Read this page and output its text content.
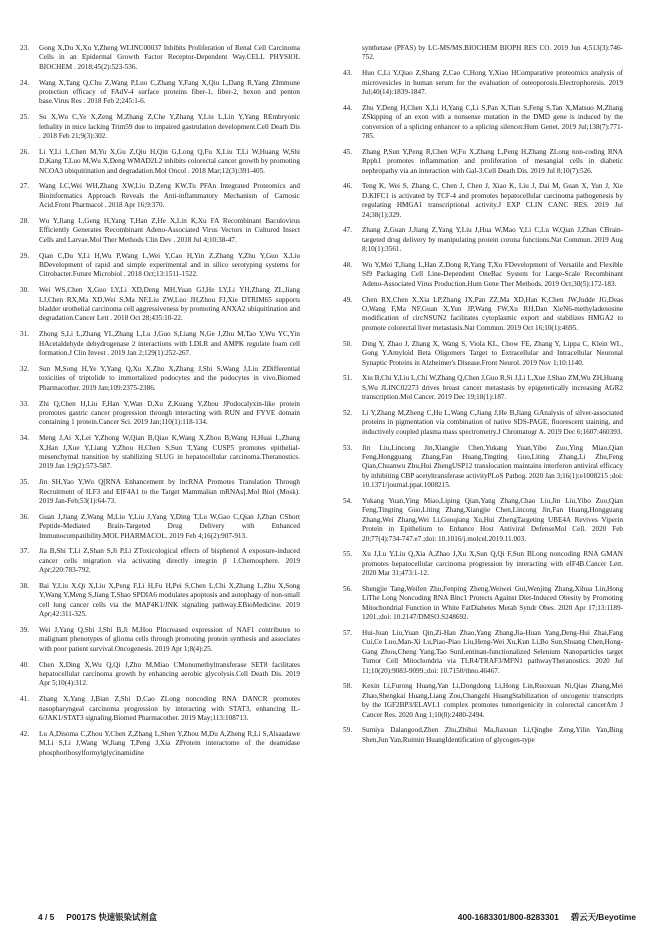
23.	Gong X,Du X,Xu Y,Zheng WLINC00037 Inhibits Proliferation of Renal Cell Carcinoma Cells in an Epidermal Growth Factor Receptor-Dependent Way.CELL PHYSIOL BIOCHEM . 2018;45(2):523-536.
24.	Wang X,Tang Q,Chu Z,Wang P,Luo C,Zhang Y,Fang X,Qiu L,Dang R,Yang ZImmune protection efficacy of FAdV-4 surface proteins fiber-1, fiber-2, hexon and penton base.Virus Res . 2018 Feb 2;245:1-6.
25.	Su X,Wu C,Ye X,Zeng M,Zhang Z,Che Y,Zhang Y,Liu L,Lin Y,Yang REmbryonic lethality in mice lacking Trim59 due to impaired gastrulation development.Cell Death Dis . 2018 Feb 21;9(3):302.
26.	Li Y,Li L,Chen M,Yu X,Gu Z,Qiu H,Qin G,Long Q,Fu X,Liu T,Li W,Huang W,Shi D,Kang T,Luo M,Wu X,Deng WMAD2L2 inhibits colorectal cancer growth by promoting NCOA3 ubiquitination and degradation.Mol Oncol . 2018 Mar;12(3):391-405.
27.	Wang LC,Wei WH,Zhang XW,Liu D,Zeng KW,Tu PFAn Integrated Proteomics and Bioinformatics Approach Reveals the Anti-inflammatory Mechanism of Carnosic Acid.Front Pharmacol . 2018 Apr 16;9:370.
28.	Wu Y,Jiang L,Geng H,Yang T,Han Z,He X,Lin K,Xu FA Recombinant Baculovirus Efficiently Generates Recombinant Adeno-Associated Virus Vectors in Cultured Insect Cells and Larvae.Mol Ther Methods Clin Dev . 2018 Jul 4;10:38-47.
29.	Qian C,Du Y,Li H,Wu P,Wang L,Wei Y,Cao H,Yin Z,Zhang Y,Zhu Y,Guo X,Liu BDevelopment of rapid and simple experimental and in silico serotyping systems for Citrobacter.Future Microbiol . 2018 Oct;13:1511-1522.
30.	Wei WS,Chen X,Guo LY,Li XD,Deng MH,Yuan GJ,He LY,Li YH,Zhang ZL,Jiang LJ,Chen RX,Ma XD,Wei S,Ma NF,Liu ZW,Luo JH,Zhou FJ,Xie DTRIM65 supports bladder urothelial carcinoma cell aggressiveness by promoting ANXA2 ubiquitination and degradation.Cancer Lett . 2018 Oct 28;435:10-22.
31.	Zhong S,Li L,Zhang YL,Zhang L,Lu J,Guo S,Liang N,Ge J,Zhu M,Tao Y,Wu YC,Yin HAcetaldehyde dehydrogenase 2 interactions with LDLR and AMPK regulate foam cell formation.J Clin Invest . 2019 Jan 2;129(1):252-267.
32.	Sun M,Song H,Ye Y,Yang Q,Xu X,Zhu X,Zhang J,Shi S,Wang J,Liu ZDifferential toxicities of triptolide to immortalized podocytes and the podocytes in vivo.Biomed Pharmacother. 2019 Jan;109:2375-2386.
33.	Zhi Q,Chen H,Liu F,Han Y,Wan D,Xu Z,Kuang Y,Zhou JPodocalyxin-like protein promotes gastric cancer progression through interacting with RUN and FYVE domain containing 1 protein.Cancer Sci. 2019 Jan;110(1):118-134.
34.	Meng J,Ai X,Lei Y,Zhong W,Qian B,Qiao K,Wang X,Zhou B,Wang H,Huai L,Zhang X,Han J,Xue Y,Liang Y,Zhou H,Chen S,Sun T,Yang CUSP5 promotes epithelial-mesenchymal transition by stabilizing SLUG in hepatocellular carcinoma.Theranostics. 2019 Jan 1;9(2):573-587.
35.	Jin SH,Yao Y,Wu Q[RNA Enhancement by lncRNA Promotes Translation Through Recruitment of ILF3 and EIF4A1 to the Target Mammalian mRNAs].Mol Biol (Mosk). 2019 Jan-Feb;53(1):64-73.
36.	Guan J,Jiang Z,Wang M,Liu Y,Liu J,Yang Y,Ding T,Lu W,Gao C,Qian J,Zhan CShort Peptide-Mediated Brain-Targeted Drug Delivery with Enhanced Immunocompatibility.MOL PHARMACOL. 2019 Feb 4;16(2):907-913.
37.	Jia B,Shi T,Li Z,Shan S,Ji P,Li ZToxicological effects of bisphenol A exposure-induced cancer cells migration via activating directly integrin β 1.Chemosphere. 2019 Apr;220:783-792.
38.	Bai Y,Liu X,Qi X,Liu X,Peng F,Li H,Fu H,Pei S,Chen L,Chi X,Zhang L,Zhu X,Song Y,Wang Y,Meng S,Jiang T,Shao SPDIA6 modulates apoptosis and autophagy of non-small cell lung cancer cells via the MAP4K1/JNK signaling pathway.EBioMedicine. 2019 Apr;42:311-325.
39.	Wei J,Yang Q,Shi J,Shi B,Ji M,Hou PIncreased expression of NAF1 contributes to malignant phenotypes of glioma cells through promoting protein synthesis and associates with poor patient survival.Oncogenesis. 2019 Apr 1;8(4):25.
40.	Chen X,Ding X,Wu Q,Qi J,Zhu M,Miao CMonomethyltransferase SET8 facilitates hepatocellular carcinoma growth by enhancing aerobic glycolysis.Cell Death Dis. 2019 Apr 5;10(4):312.
41.	Zhang X,Yang J,Bian Z,Shi D,Cao ZLong noncoding RNA DANCR promotes nasopharyngeal carcinoma progression by interacting with STAT3, enhancing IL-6/JAK1/STAT3 signaling.Biomed Pharmacother. 2019 May;113:108713.
42.	Lu A,Disoma C,Zhou Y,Chen Z,Zhang L,Shen Y,Zhou M,Du A,Zheng R,Li S,Alsaadawe M,Li S,Li J,Wang W,Jiang T,Peng J,Xia ZProtein interactome of the deamidase phosphoribosylformylglycinamidine
synthetase (PFAS) by LC-MS/MS.BIOCHEM BIOPH RES CO. 2019 Jun 4;513(3):746-752.
43.	Huo C,Li Y,Qiao Z,Shang Z,Cao C,Hong Y,Xiao HComparative proteomics analysis of microvesicles in human serum for the evaluation of osteoporosis.Electrophoresis. 2019 Jul;40(14):1839-1847.
44.	Zhu Y,Deng H,Chen X,Li H,Yang C,Li S,Pan X,Tian S,Feng S,Tan X,Matsuo M,Zhang ZSkipping of an exon with a nonsense mutation in the DMD gene is induced by the conversion of a splicing enhancer to a splicing silencer.Hum Genet. 2019 Jul;138(7):771-785.
45.	Zhang P,Sun Y,Peng R,Chen W,Fu X,Zhang L,Peng H,Zhang ZLong non-coding RNA Rpph1 promotes inflammation and proliferation of mesangial cells in diabetic nephropathy via an interaction with Gal-3.Cell Death Dis. 2019 Jul 8;10(7):526.
46.	Teng K, Wei S, Zhang C, Chen J, Chen J, Xiao K, Liu J, Dai M, Guan X, Yun J, Xie D.KIFC1 is activated by TCF-4 and promotes hepatocellular carcinoma pathogenesis by regulating HMGA1 transcriptional activity.J EXP CLIN CANC RES. 2019 Jul 24;38(1):329.
47.	Zhang Z,Guan J,Jiang Z,Yang Y,Liu J,Hua W,Mao Y,Li C,Lu W,Qian J,Zhan CBrain-targeted drug delivery by manipulating protein corona functions.Nat Commun. 2019 Aug 8;10(1):3561.
48.	Wu Y,Mei T,Jiang L,Han Z,Dong R,Yang T,Xu FDevelopment of Versatile and Flexible Sf9 Packaging Cell Line-Dependent OneBac System for Large-Scale Recombinant Adeno-Associated Virus Production.Hum Gene Ther Methods. 2019 Oct;30(5):172-183.
49.	Chen RX,Chen X,Xia LP,Zhang JX,Pan ZZ,Ma XD,Han K,Chen JW,Judde JG,Deas O,Wang F,Ma NF,Guan X,Yun JP,Wang FW,Xu RH,Dan XieN6-methyladenosine modification of circNSUN2 facilitates cytoplasmic export and stabilizes HMGA2 to promote colorectal liver metastasis.Nat Commun. 2019 Oct 16;10(1):4695.
50.	Ding Y, Zhao J, Zhang X, Wang S, Viola KL, Chow FE, Zhang Y, Lippa C, Klein WL, Gong Y.Amyloid Beta Oligomers Target to Extracellular and Intracellular Neuronal Synaptic Proteins in Alzheimer's Disease.Front Neurol. 2019 Nov 1;10:1140.
51.	Xiu B,Chi Y,Liu L,Chi W,Zhang Q,Chen J,Guo R,Si J,Li L,Xue J,Shao ZM,Wu ZH,Huang S,Wu JLINC02273 drives breast cancer metastasis by epigenetically increasing AGR2 transcription.Mol Cancer. 2019 Dec 19;18(1):187.
52.	Li Y,Zhang M,Zheng C,Hu L,Wang C,Jiang J,He B,Jiang GAnalysis of silver-associated proteins in pigmentation via combination of native SDS-PAGE, fluorescent staining, and inductively coupled plasma mass spectrometry.J Chromatogr A. 2019 Dec 6;1607:460393.
53.	Jin Liu,Lincong Jin,Xiangjie Chen,Yukang Yuan,Yibo Zuo,Ying Miao,Qian Feng,Hongguang Zhang,Fan Huang,Tingting Guo,Liting Zhang,Li Zhu,Feng Qian,Chuanwu Zhu,Hui ZhengUSP12 translocation maintains interferon antiviral efficacy by inhibiting CBP acetyltransferase activityPLoS Pathog. 2020 Jan 3;16(1):e1008215 ;doi: 10.1371/journal.ppat.1008215.
54.	Yukang Yuan,Ying Miao,Liping Qian,Yang Zhang,Chao Liu,Jin Liu,Yibo Zuo,Qian Feng,Tingting Guo,Liting Zhang,Xiangjie Chen,Lincong Jin,Fan Huang,Hongguang Zhang,Wei Zhang,Wei Li,Guoqiang Xu,Hui ZhengTargeting UBE4A Revives Viperin Protein in Epithelium to Enhance Host Antiviral DefenseMol Cell. 2020 Feb 20;77(4):734-747.e7.;doi: 10.1016/j.molcel.2019.11.003.
55.	Xu J,Lu Y,Liu Q,Xia A,Zhao J,Xu X,Sun Q,Qi F,Sun BLong noncoding RNA GMAN promotes hepatocellular carcinoma progression by interacting with eIF4B.Cancer Lett. 2020 Mar 31;473:1-12.
56.	Shengjie Tang,Weifen Zhu,Fenping Zheng,Weiwei Gui,Wenjing Zhang,Xihua Lin,Hong LiThe Long Noncoding RNA Blnc1 Protects Against Diet-Induced Obesity by Promoting Mitochondrial Function in White FatDiabetes Metab Syndr Obes. 2020 Apr 17;13:1189-1201.;doi: 10.2147/DMSO.S248692.
57.	Hui-Juan Liu,Yuan Qin,Zi-Han Zhao,Yang Zhang,Jia-Huan Yang,Deng-Hui Zhai,Fang Cui,Ce Luo,Man-Xi Lu,Piao-Piao Liu,Heng-Wei Xu,Kun Li,Bo Sun,Shuang Chen,Hong-Gang Zhou,Cheng Yang,Tao SunLentinan-functionalized Selenium Nanoparticles target Tumor Cell Mitochondria via TLR4/TRAF3/MFN1 pathwayTheranostics. 2020 Jul 11;10(20):9083-9099.;doi: 10.7150/thno.46467.
58.	Kexin Li,Furong Huang,Yan Li,Dongdong Li,Hong Lin,Ruoxuan Ni,Qiao Zhang,Mei Zhao,Shengkai Huang,Liang Zou,Changzhi HuangStabilization of oncogenic transcripts by the IGF2BP3/ELAVL1 complex promotes tumorigenicity in colorectal cancerAm J Cancer Res. 2020 Aug 1;10(8):2480-2494.
59.	Sumiya Dalangood,Zhen Zhu,Zhihui Ma,Jiaxuan Li,Qinghe Zeng,Yilin Yan,Bing Shen,Jun Yan,Ruimin HuangIdentification of glycogen-type
4 / 5 P0017S 快速银染试剂盒	400-1683301/800-8283301 碧云天/Beyotime
